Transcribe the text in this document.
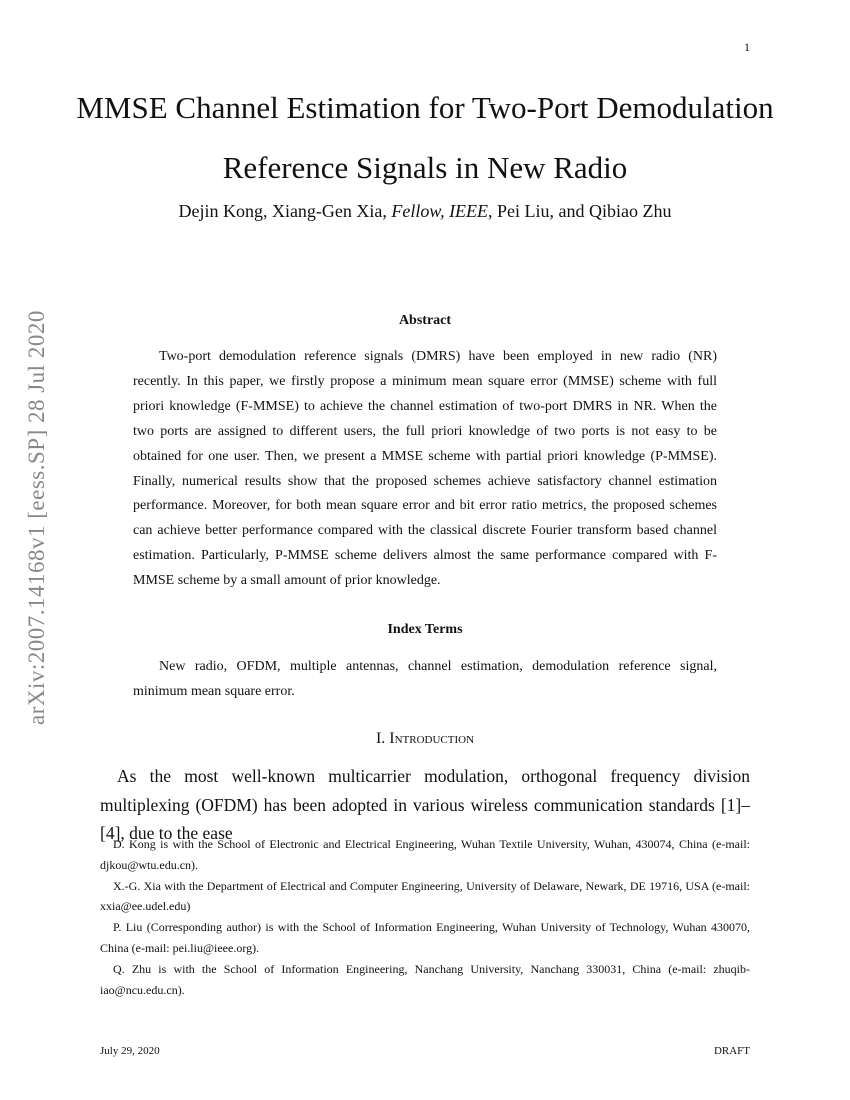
1
MMSE Channel Estimation for Two-Port Demodulation Reference Signals in New Radio
Dejin Kong, Xiang-Gen Xia, Fellow, IEEE, Pei Liu, and Qibiao Zhu
arXiv:2007.14168v1 [eess.SP] 28 Jul 2020	Abstract
Two-port demodulation reference signals (DMRS) have been employed in new radio (NR) recently. In this paper, we firstly propose a minimum mean square error (MMSE) scheme with full priori knowledge (F-MMSE) to achieve the channel estimation of two-port DMRS in NR. When the two ports are assigned to different users, the full priori knowledge of two ports is not easy to be obtained for one user. Then, we present a MMSE scheme with partial priori knowledge (P-MMSE). Finally, numerical results show that the proposed schemes achieve satisfactory channel estimation performance. Moreover, for both mean square error and bit error ratio metrics, the proposed schemes can achieve better performance compared with the classical discrete Fourier transform based channel estimation. Particularly, P-MMSE scheme delivers almost the same performance compared with F-MMSE scheme by a small amount of prior knowledge.
Index Terms
New radio, OFDM, multiple antennas, channel estimation, demodulation reference signal, minimum mean square error.
I. Introduction
As the most well-known multicarrier modulation, orthogonal frequency division multiplexing (OFDM) has been adopted in various wireless communication standards [1]–[4], due to the ease

D. Kong is with the School of Electronic and Electrical Engineering, Wuhan Textile University, Wuhan, 430074, China (e-mail: djkou@wtu.edu.cn).

X.-G. Xia with the Department of Electrical and Computer Engineering, University of Delaware, Newark, DE 19716, USA (e-mail: xxia@ee.udel.edu)

P. Liu (Corresponding author) is with the School of Information Engineering, Wuhan University of Technology, Wuhan 430070, China (e-mail: pei.liu@ieee.org).

Q. Zhu is with the School of Information Engineering, Nanchang University, Nanchang 330031, China (e-mail: zhuqib-iao@ncu.edu.cn).

July 29, 2020	DRAFT
